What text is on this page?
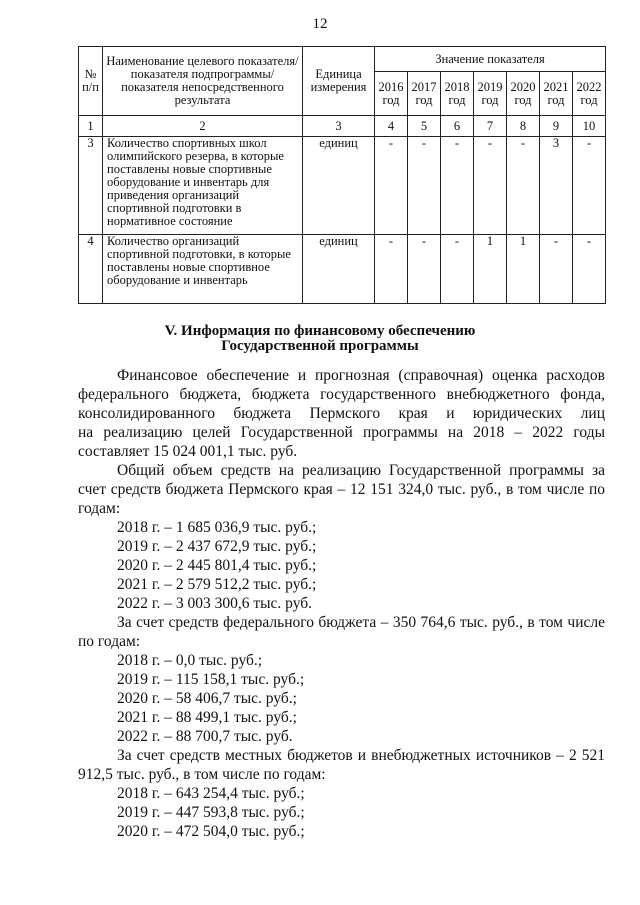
12
№ п/п	Наименование целевого показателя/показателя подпрограммы/показателя непосредственного результата	Единица измерения	Значение показателя						
			2016 год	2017 год	2018 год	2019 год	2020 год	2021 год	2022 год
1	2	3	4	5	6	7	8	9	10
3	Количество спортивных школ олимпийского резерва, в которые поставлены новые спортивные оборудование и инвентарь для приведения организаций спортивной подготовки в нормативное состояние	единиц	-	-	-	-	-	3	-
4	Количество организаций спортивной подготовки, в которые поставлены новые спортивное оборудование и инвентарь	единиц	-	-	-	1	1	-	-
V. Информация по финансовому обеспечению
Государственной программы

Финансовое обеспечение и прогнозная (справочная) оценка расходов

федерального бюджета, бюджета государственного внебюджетного фонда,

консолидированного бюджета Пермского края и юридических лиц

на реализацию целей Государственной программы на 2018 – 2022 годы

составляет 15 024 001,1 тыс. руб.

Общий объем средств на реализацию Государственной программы за счет средств бюджета Пермского края – 12 151 324,0 тыс. руб., в том числе по годам:

2018 г. – 1 685 036,9 тыс. руб.;

2019 г. – 2 437 672,9 тыс. руб.;

2020 г. – 2 445 801,4 тыс. руб.;

2021 г. – 2 579 512,2 тыс. руб.;

2022 г. – 3 003 300,6 тыс. руб.

За счет средств федерального бюджета – 350 764,6 тыс. руб., в том числе по годам:

2018 г. – 0,0 тыс. руб.;

2019 г. – 115 158,1 тыс. руб.;

2020 г. – 58 406,7 тыс. руб.;

2021 г. – 88 499,1 тыс. руб.;

2022 г. – 88 700,7 тыс. руб.

За счет средств местных бюджетов и внебюджетных источников – 2 521 912,5 тыс. руб., в том числе по годам:

2018 г. – 643 254,4 тыс. руб.;

2019 г. – 447 593,8 тыс. руб.;

2020 г. – 472 504,0 тыс. руб.;
